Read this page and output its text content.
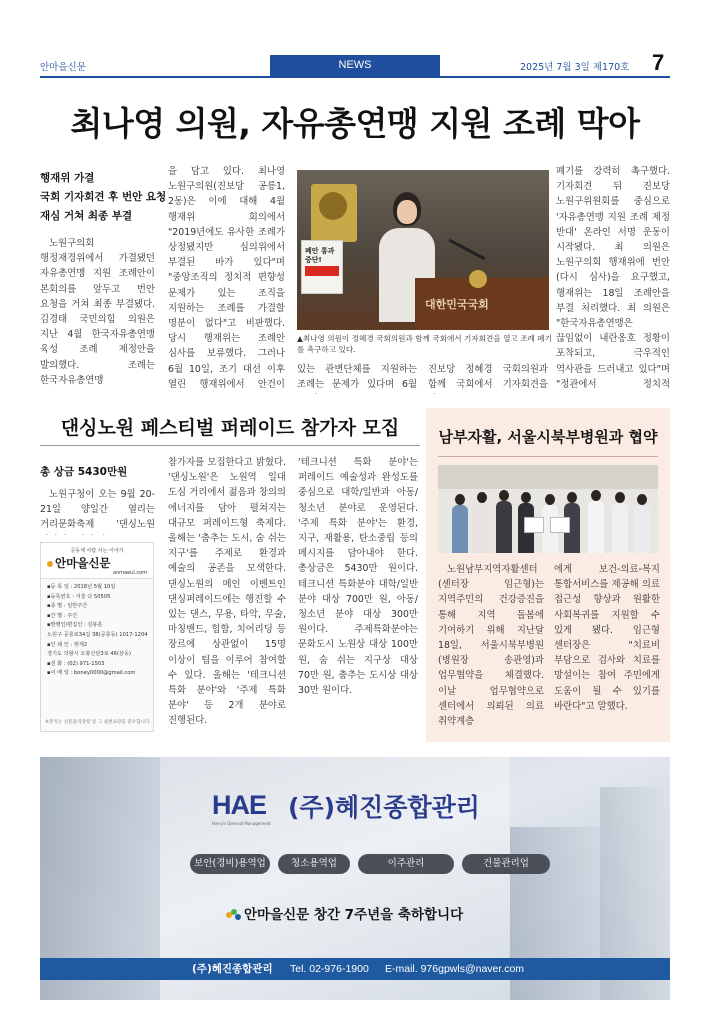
안마을신문	NEWS	2025년 7월 3일 제170호 7
최나영 의원, 자유총연맹 지원 조례 막아
행재위 가결
국회 기자회견 후 번안 요청
재심 거쳐 최종 부결

노원구의회 행정재경위에서 가결됐던 자유총연맹 지원 조례안이 본회의를 앞두고 번안 요청을 거쳐 최종 부결됐다. 김경태 국민의힘 의원은 지난 4월 한국자유총연맹 육성 조례 제정안을 발의했다. 조례는 한국자유총연맹

을 담고 있다. 최나영 노원구의원(진보당 공릉1, 2동)은 이에 대해 4월 행재위 회의에서 "2019년에도 유사한 조례가 상정됐지만 심의위에서 부결된 바가 있다"며 "중앙조직의 정치적 편향성 문제가 있는 조직을 지원하는 조례를 가결할 명분이 없다"고 비판했다. 당시 행재위는 조례안 심사를 보류했다. 그러나 6월 10일, 조기 대선 이후 열린 행재위에서 안건이

폐안 통과 중단!
대한민국국회
▲최나영 의원이 정혜경 국회의원과 함께 국회에서 기자회견을 열고 조례 폐기를 촉구하고 있다.

있는 관변단체를 지원하는 조례는 문제가 있다며 6월

진보당 정혜경 국회의원과 함께 국회에서 기자회견을

폐기를 강력히 촉구했다. 기자회견 뒤 진보당 노원구위원회를 중심으로 '자유총연맹 지원 조례 제정 반대' 온라인 서명 운동이 시작됐다. 최 의원은 노원구의회 행재위에 번안(다시 심사)을 요구했고, 행재위는 18일 조례안을 부결 처리했다. 최 의원은 "한국자유총연맹은 끊임없이 내란옹호 정황이 포착되고, 극우적인 역사관을 드러내고 있다"며 "정관에서 정치적

댄싱노원 페스티벌 퍼레이드 참가자 모집
총 상금 5430만원

노원구청이 오는 9월 20-21일 양일간 열리는 거리문화축제 '댄싱노원

공동체 사람 사는 이야기
안마을신문
anmaeul.com
▪등 록 일 : 2018년 5월 10일
▪등록번호 : 서울 다 50505
▪종 별 : 일반주간
▪간 별 : 주간
▪발행인/편집인 : 김봉훈
노원구 공릉로34길 38(공릉동) 1017-1204
▪인 쇄 인 : 현재2
경기도 의왕시 오봉산단3로 46(삼동)
▪전 화 : (02) 971-1503
▪이 메 일 : boney0000@gmail.com
※본지는 신문윤리강령 및 그 실천요강을 준수합니다.

참가자를 모집한다고 밝혔다. '댄싱노원'은 노원역 일대 도심 거리에서 젊음과 창의의 에너지를 담아 펼쳐지는 대규모 퍼레이드형 축제다. 올해는 '춤추는 도시, 숨 쉬는 지구'를 주제로 환경과 예술의 공존을 모색한다. 댄싱노원의 메인 이벤트인 댄싱퍼레이드에는 행진할 수 있는 댄스, 무용, 타악, 무술, 마칭밴드, 힙합, 치어리딩 등 장르에 상관없이 15명 이상이 팀을 이루어 참여할 수 있다. 올해는 '테크니션 특화 분야'와 '주제 특화 분야' 등 2개 분야로 진행된다.

'테크니션 특화 분야'는 퍼레이드 예술성과 완성도를 중심으로 대학/일반과 아동/청소년 분야로 운영된다. '주제 특화 분야'는 환경, 지구, 재활용, 탄소중립 등의 메시지를 담아내야 한다. 총상금은 5430만 원이다. 테크니션 특화분야 대학/일반 분야 대상 700만 원, 아동/청소년 분야 대상 300만 원이다. 주제특화분야는 문화도시 노원상 대상 100만 원, 숨 쉬는 지구상 대상 70만 원, 춤추는 도시상 대상 30만 원이다.

남부자활, 서울시북부병원과 협약

노원남부지역자활센터(센터장 임근형)는 지역주민의 건강증진을 통해 지역 돌봄에 기여하기 위해 지난달 18일, 서울시북부병원(병원장 송관영)과 업무협약을 체결했다. 이날 업무협약으로 센터에서 의뢰된 의료 취약계층

에게 보건-의료-복지 통합서비스를 제공해 의료 접근성 향상과 원활한 사회복귀를 지원할 수 있게 됐다. 임근형 센터장은 "치료비 부담으로 검사와 치료를 망설이는 참여 주민에게 도움이 될 수 있기를 바란다"고 말했다.

HAE
Hae Jin General Management
(주)혜진종합관리
보안(경비)용역업	청소용역업	이주관리	건물관리업
안마을신문 창간 7주년을 축하합니다
(주)혜진종합관리 Tel. 02-976-1900 E-mail. 976gpwls@naver.com
